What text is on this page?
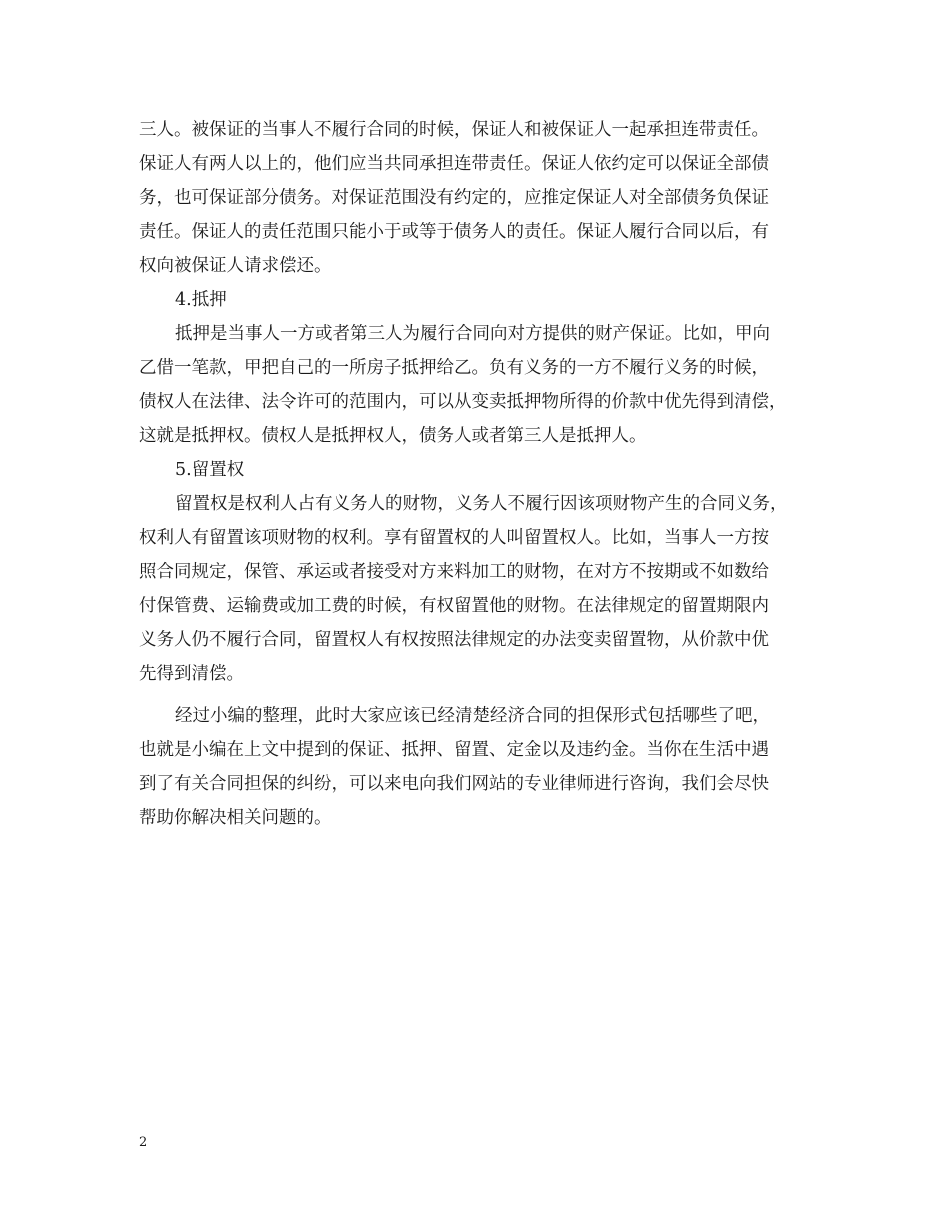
三人。被保证的当事人不履行合同的时候，保证人和被保证人一起承担连带责任。
保证人有两人以上的，他们应当共同承担连带责任。保证人依约定可以保证全部债
务，也可保证部分债务。对保证范围没有约定的，应推定保证人对全部债务负保证
责任。保证人的责任范围只能小于或等于债务人的责任。保证人履行合同以后，有
权向被保证人请求偿还。
4.抵押
抵押是当事人一方或者第三人为履行合同向对方提供的财产保证。比如，甲向
乙借一笔款，甲把自己的一所房子抵押给乙。负有义务的一方不履行义务的时候，
债权人在法律、法令许可的范围内，可以从变卖抵押物所得的价款中优先得到清偿，
这就是抵押权。债权人是抵押权人，债务人或者第三人是抵押人。
5.留置权
留置权是权利人占有义务人的财物，义务人不履行因该项财物产生的合同义务，
权利人有留置该项财物的权利。享有留置权的人叫留置权人。比如，当事人一方按
照合同规定，保管、承运或者接受对方来料加工的财物，在对方不按期或不如数给
付保管费、运输费或加工费的时候，有权留置他的财物。在法律规定的留置期限内
义务人仍不履行合同，留置权人有权按照法律规定的办法变卖留置物，从价款中优
先得到清偿。
经过小编的整理，此时大家应该已经清楚经济合同的担保形式包括哪些了吧，
也就是小编在上文中提到的保证、抵押、留置、定金以及违约金。当你在生活中遇
到了有关合同担保的纠纷，可以来电向我们网站的专业律师进行咨询，我们会尽快
帮助你解决相关问题的。
2
